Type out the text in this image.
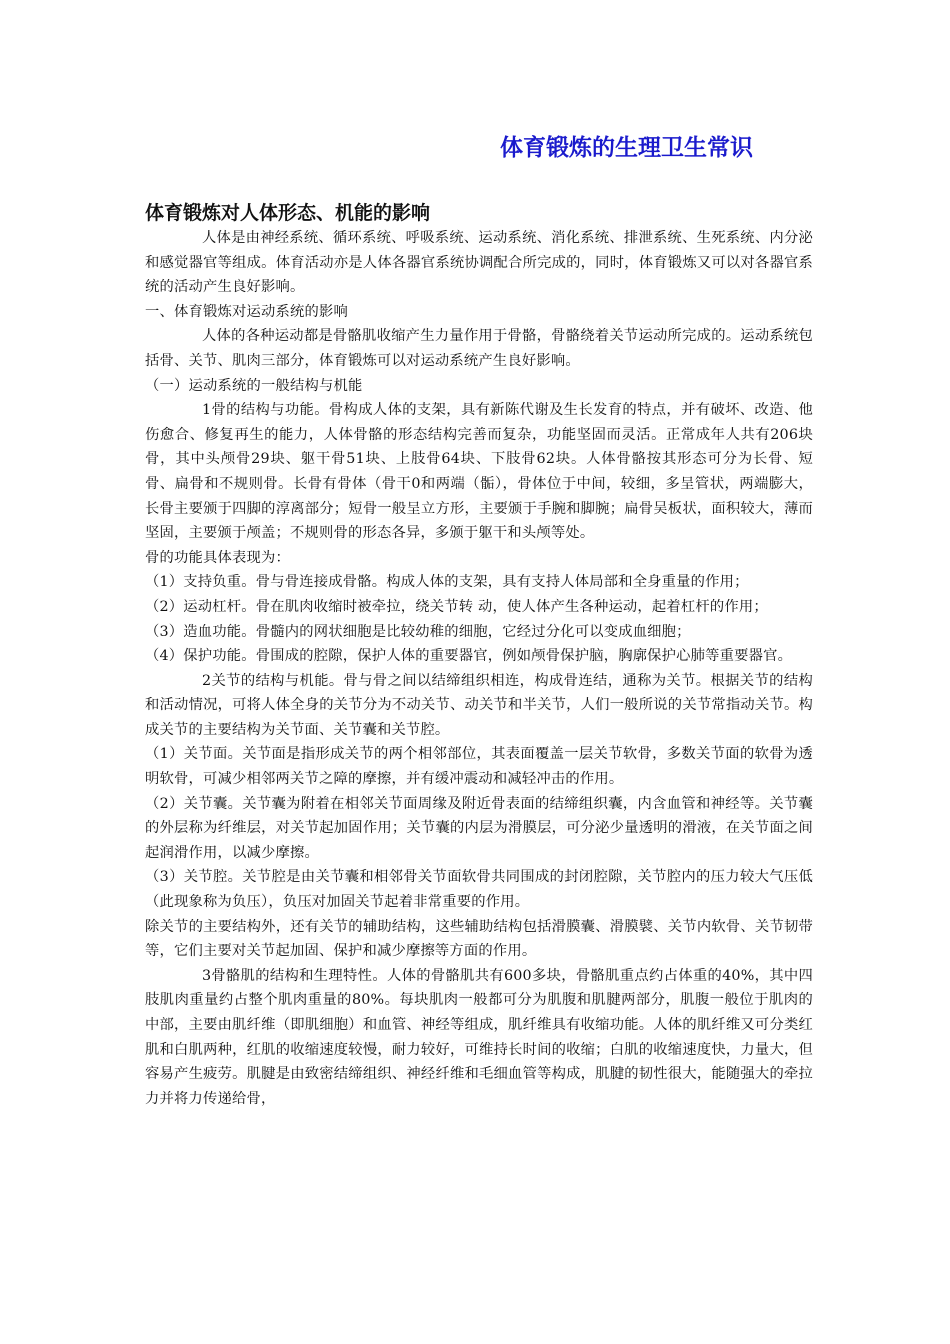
体育锻炼的生理卫生常识
体育锻炼对人体形态、机能的影响

人体是由神经系统、循环系统、呼吸系统、运动系统、消化系统、排泄系统、生死系统、内分泌和感觉器官等组成。体育活动亦是人体各器官系统协调配合所完成的，同时，体育锻炼又可以对各器官系统的活动产生良好影响。

一、体育锻炼对运动系统的影响

人体的各种运动都是骨骼肌收缩产生力量作用于骨骼，骨骼绕着关节运动所完成的。运动系统包括骨、关节、肌肉三部分，体育锻炼可以对运动系统产生良好影响。

（一）运动系统的一般结构与机能

1骨的结构与功能。骨构成人体的支架，具有新陈代谢及生长发育的特点，并有破坏、改造、他伤愈合、修复再生的能力，人体骨骼的形态结构完善而复杂，功能坚固而灵活。正常成年人共有206块骨，其中头颅骨29块、躯干骨51块、上肢骨64块、下肢骨62块。人体骨骼按其形态可分为长骨、短骨、扁骨和不规则骨。长骨有骨体（骨干0和两端（骺），骨体位于中间，较细，多呈管状，两端膨大，长骨主要颁于四脚的淳离部分；短骨一般呈立方形，主要颁于手腕和脚腕；扁骨吴板状，面积较大，薄而坚固，主要颁于颅盖；不规则骨的形态各异，多颁于躯干和头颅等处。

骨的功能具体表现为：

（1）支持负重。骨与骨连接成骨骼。构成人体的支架，具有支持人体局部和全身重量的作用；

（2）运动杠杆。骨在肌肉收缩时被牵拉，绕关节转 动，使人体产生各种运动，起着杠杆的作用；

（3）造血功能。骨髓内的网状细胞是比较幼稚的细胞，它经过分化可以变成血细胞；

（4）保护功能。骨围成的腔隙，保护人体的重要器官，例如颅骨保护脑，胸廓保护心肺等重要器官。

2关节的结构与机能。骨与骨之间以结缔组织相连，构成骨连结，通称为关节。根据关节的结构和活动情况，可将人体全身的关节分为不动关节、动关节和半关节，人们一般所说的关节常指动关节。构成关节的主要结构为关节面、关节囊和关节腔。

（1）关节面。关节面是指形成关节的两个相邻部位，其表面覆盖一层关节软骨，多数关节面的软骨为透明软骨，可减少相邻两关节之障的摩擦，并有缓冲震动和减轻冲击的作用。

（2）关节囊。关节囊为附着在相邻关节面周缘及附近骨表面的结缔组织囊，内含血管和神经等。关节囊的外层称为纤维层，对关节起加固作用；关节囊的内层为滑膜层，可分泌少量透明的滑液，在关节面之间起润滑作用，以减少摩擦。

（3）关节腔。关节腔是由关节囊和相邻骨关节面软骨共同围成的封闭腔隙，关节腔内的压力较大气压低（此现象称为负压），负压对加固关节起着非常重要的作用。

除关节的主要结构外，还有关节的辅助结构，这些辅助结构包括滑膜囊、滑膜襞、关节内软骨、关节韧带等，它们主要对关节起加固、保护和减少摩擦等方面的作用。

3骨骼肌的结构和生理特性。人体的骨骼肌共有600多块，骨骼肌重点约占体重的40%，其中四肢肌肉重量约占整个肌肉重量的80%。每块肌肉一般都可分为肌腹和肌腱两部分，肌腹一般位于肌肉的中部，主要由肌纤维（即肌细胞）和血管、神经等组成，肌纤维具有收缩功能。人体的肌纤维又可分类红肌和白肌两种，红肌的收缩速度较慢，耐力较好，可维持长时间的收缩；白肌的收缩速度快，力量大，但容易产生疲劳。肌腱是由致密结缔组织、神经纤维和毛细血管等构成，肌腱的韧性很大，能随强大的牵拉力并将力传递给骨，
